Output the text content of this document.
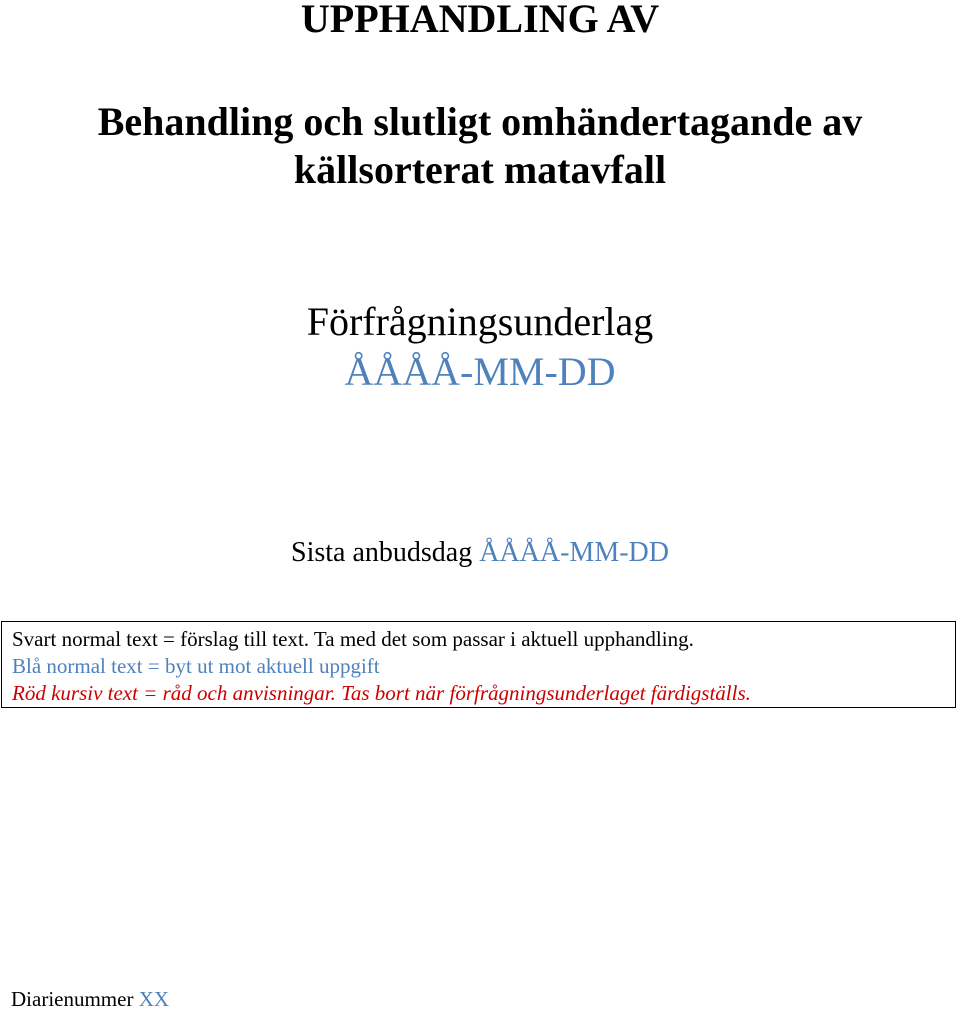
UPPHANDLING AV
Behandling och slutligt omhändertagande av
källsorterat matavfall
Förfrågningsunderlag
ÅÅÅÅ-MM-DD
Sista anbudsdag ÅÅÅÅ-MM-DD
Svart normal text = förslag till text. Ta med det som passar i aktuell upphandling.
Blå normal text = byt ut mot aktuell uppgift
Röd kursiv text = råd och anvisningar. Tas bort när förfrågningsunderlaget färdigställs.
Diarienummer XX
